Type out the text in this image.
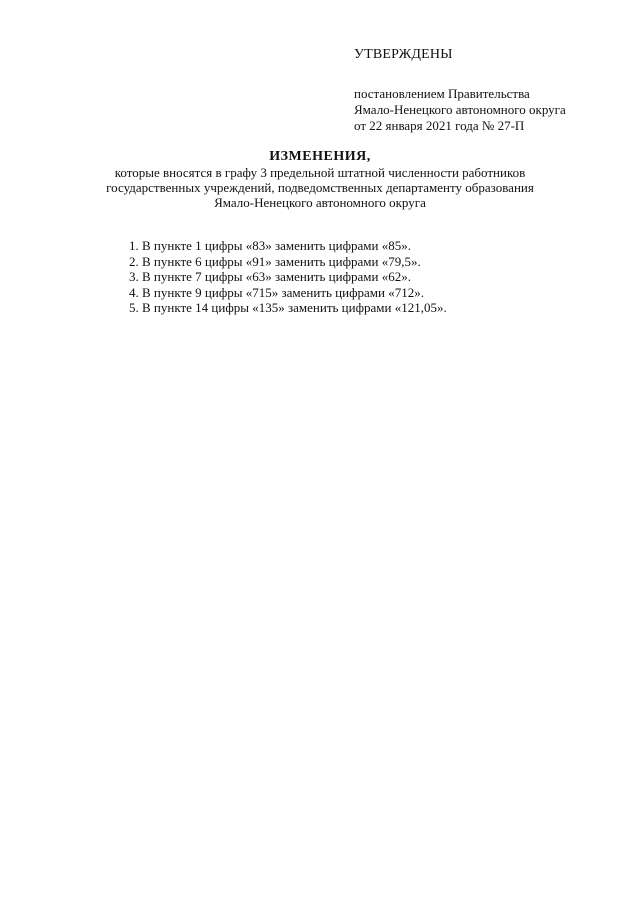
УТВЕРЖДЕНЫ

постановлением Правительства

Ямало-Ненецкого автономного округа

от 22 января 2021 года № 27-П

ИЗМЕНЕНИЯ,

которые вносятся в графу 3 предельной штатной численности работников

государственных учреждений, подведомственных департаменту образования

Ямало-Ненецкого автономного округа

1. В пункте 1 цифры «83» заменить цифрами «85».
2. В пункте 6 цифры «91» заменить цифрами «79,5».
3. В пункте 7 цифры «63» заменить цифрами «62».
4. В пункте 9 цифры «715» заменить цифрами «712».
5. В пункте 14 цифры «135» заменить цифрами «121,05».
